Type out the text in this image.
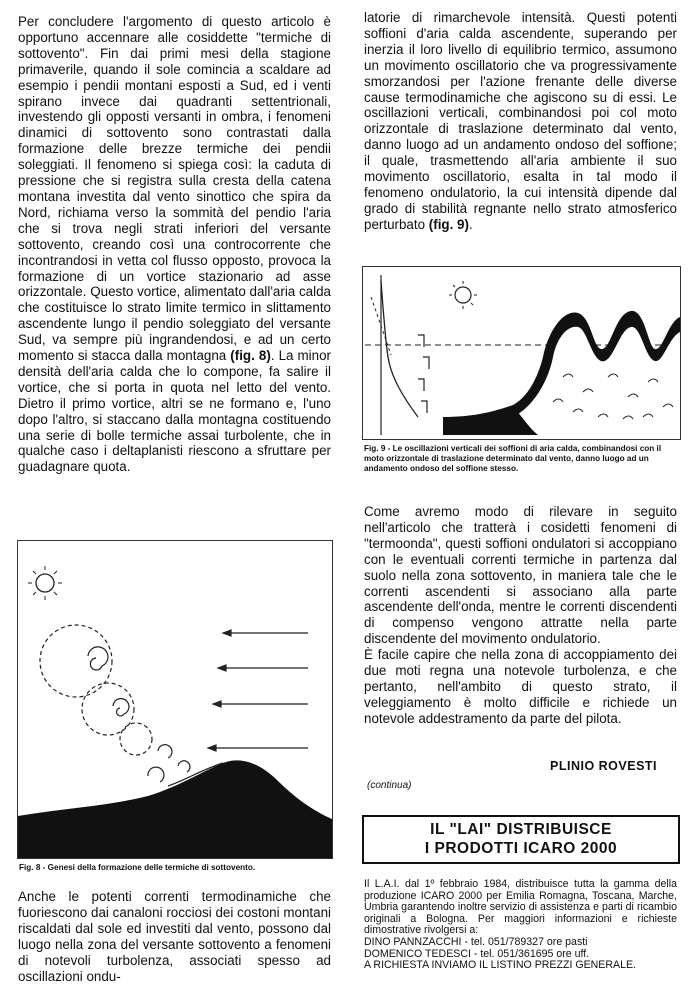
Per concludere l'argomento di questo articolo è opportuno accennare alle cosiddette "termiche di sottovento". Fin dai primi mesi della stagione primaverile, quando il sole comincia a scaldare ad esempio i pendii montani esposti a Sud, ed i venti spirano invece dai quadranti settentrionali, investendo gli opposti versanti in ombra, i fenomeni dinamici di sottovento sono contrastati dalla formazione delle brezze termiche dei pendii soleggiati. Il fenomeno si spiega così: la caduta di pressione che si registra sulla cresta della catena montana investita dal vento sinottico che spira da Nord, richiama verso la sommità del pendio l'aria che si trova negli strati inferiori del versante sottovento, creando così una controcorrente che incontrandosi in vetta col flusso opposto, provoca la formazione di un vortice stazionario ad asse orizzontale. Questo vortice, alimentato dall'aria calda che costituisce lo strato limite termico in slittamento ascendente lungo il pendio soleggiato del versante Sud, va sempre più ingrandendosi, e ad un certo momento si stacca dalla montagna (fig. 8). La minor densità dell'aria calda che lo compone, fa salire il vortice, che si porta in quota nel letto del vento. Dietro il primo vortice, altri se ne formano e, l'uno dopo l'altro, si staccano dalla montagna costituendo una serie di bolle termiche assai turbolente, che in qualche caso i deltaplanisti riescono a sfruttare per guadagnare quota.

Fig. 8 - Genesi della formazione delle termiche di sottovento.

Anche le potenti correnti termodinamiche che fuoriescono dai canaloni rocciosi dei costoni montani riscaldati dal sole ed investiti dal vento, possono dal luogo nella zona del versante sottovento a fenomeni di notevoli turbolenza, associati spesso ad oscillazioni ondu-

latorie di rimarchevole intensità. Questi potenti soffioni d'aria calda ascendente, superando per inerzia il loro livello di equilibrio termico, assumono un movimento oscillatorio che va progressivamente smorzandosi per l'azione frenante delle diverse cause termodinamiche che agiscono su di essi. Le oscillazioni verticali, combinandosi poi col moto orizzontale di traslazione determinato dal vento, danno luogo ad un andamento ondoso del soffione; il quale, trasmettendo all'aria ambiente il suo movimento oscillatorio, esalta in tal modo il fenomeno ondulatorio, la cui intensità dipende dal grado di stabilità regnante nello strato atmosferico perturbato (fig. 9).

Fig. 9 - Le oscillazioni verticali dei soffioni di aria calda, combinandosi con il moto orizzontale di traslazione determinato dal vento, danno luogo ad un andamento ondoso del soffione stesso.

Come avremo modo di rilevare in seguito nell'articolo che tratterà i cosidetti fenomeni di "termoonda", questi soffioni ondulatori si accoppiano con le eventuali correnti termiche in partenza dal suolo nella zona sottovento, in maniera tale che le correnti ascendenti si associano alla parte ascendente dell'onda, mentre le correnti discendenti di compenso vengono attratte nella parte discendente del movimento ondulatorio.

È facile capire che nella zona di accoppiamento dei due moti regna una notevole turbolenza, e che pertanto, nell'ambito di questo strato, il veleggiamento è molto difficile e richiede un notevole addestramento da parte del pilota.

PLINIO ROVESTI
(continua)
IL "LAI" DISTRIBUISCE
I PRODOTTI ICARO 2000
Il L.A.I. dal 1º febbraio 1984, distribuisce tutta la gamma della produzione ICARO 2000 per Emilia Romagna, Toscana, Marche, Umbria garantendo inoltre servizio di assistenza e parti di ricambio originali a Bologna. Per maggiori informazioni e richieste dimostrative rivolgersi a:
DINO PANNZACCHI - tel. 051/789327 ore pasti
DOMENICO TEDESCI - tel. 051/361695 ore uff.
A RICHIESTA INVIAMO IL LISTINO PREZZI GENERALE.
